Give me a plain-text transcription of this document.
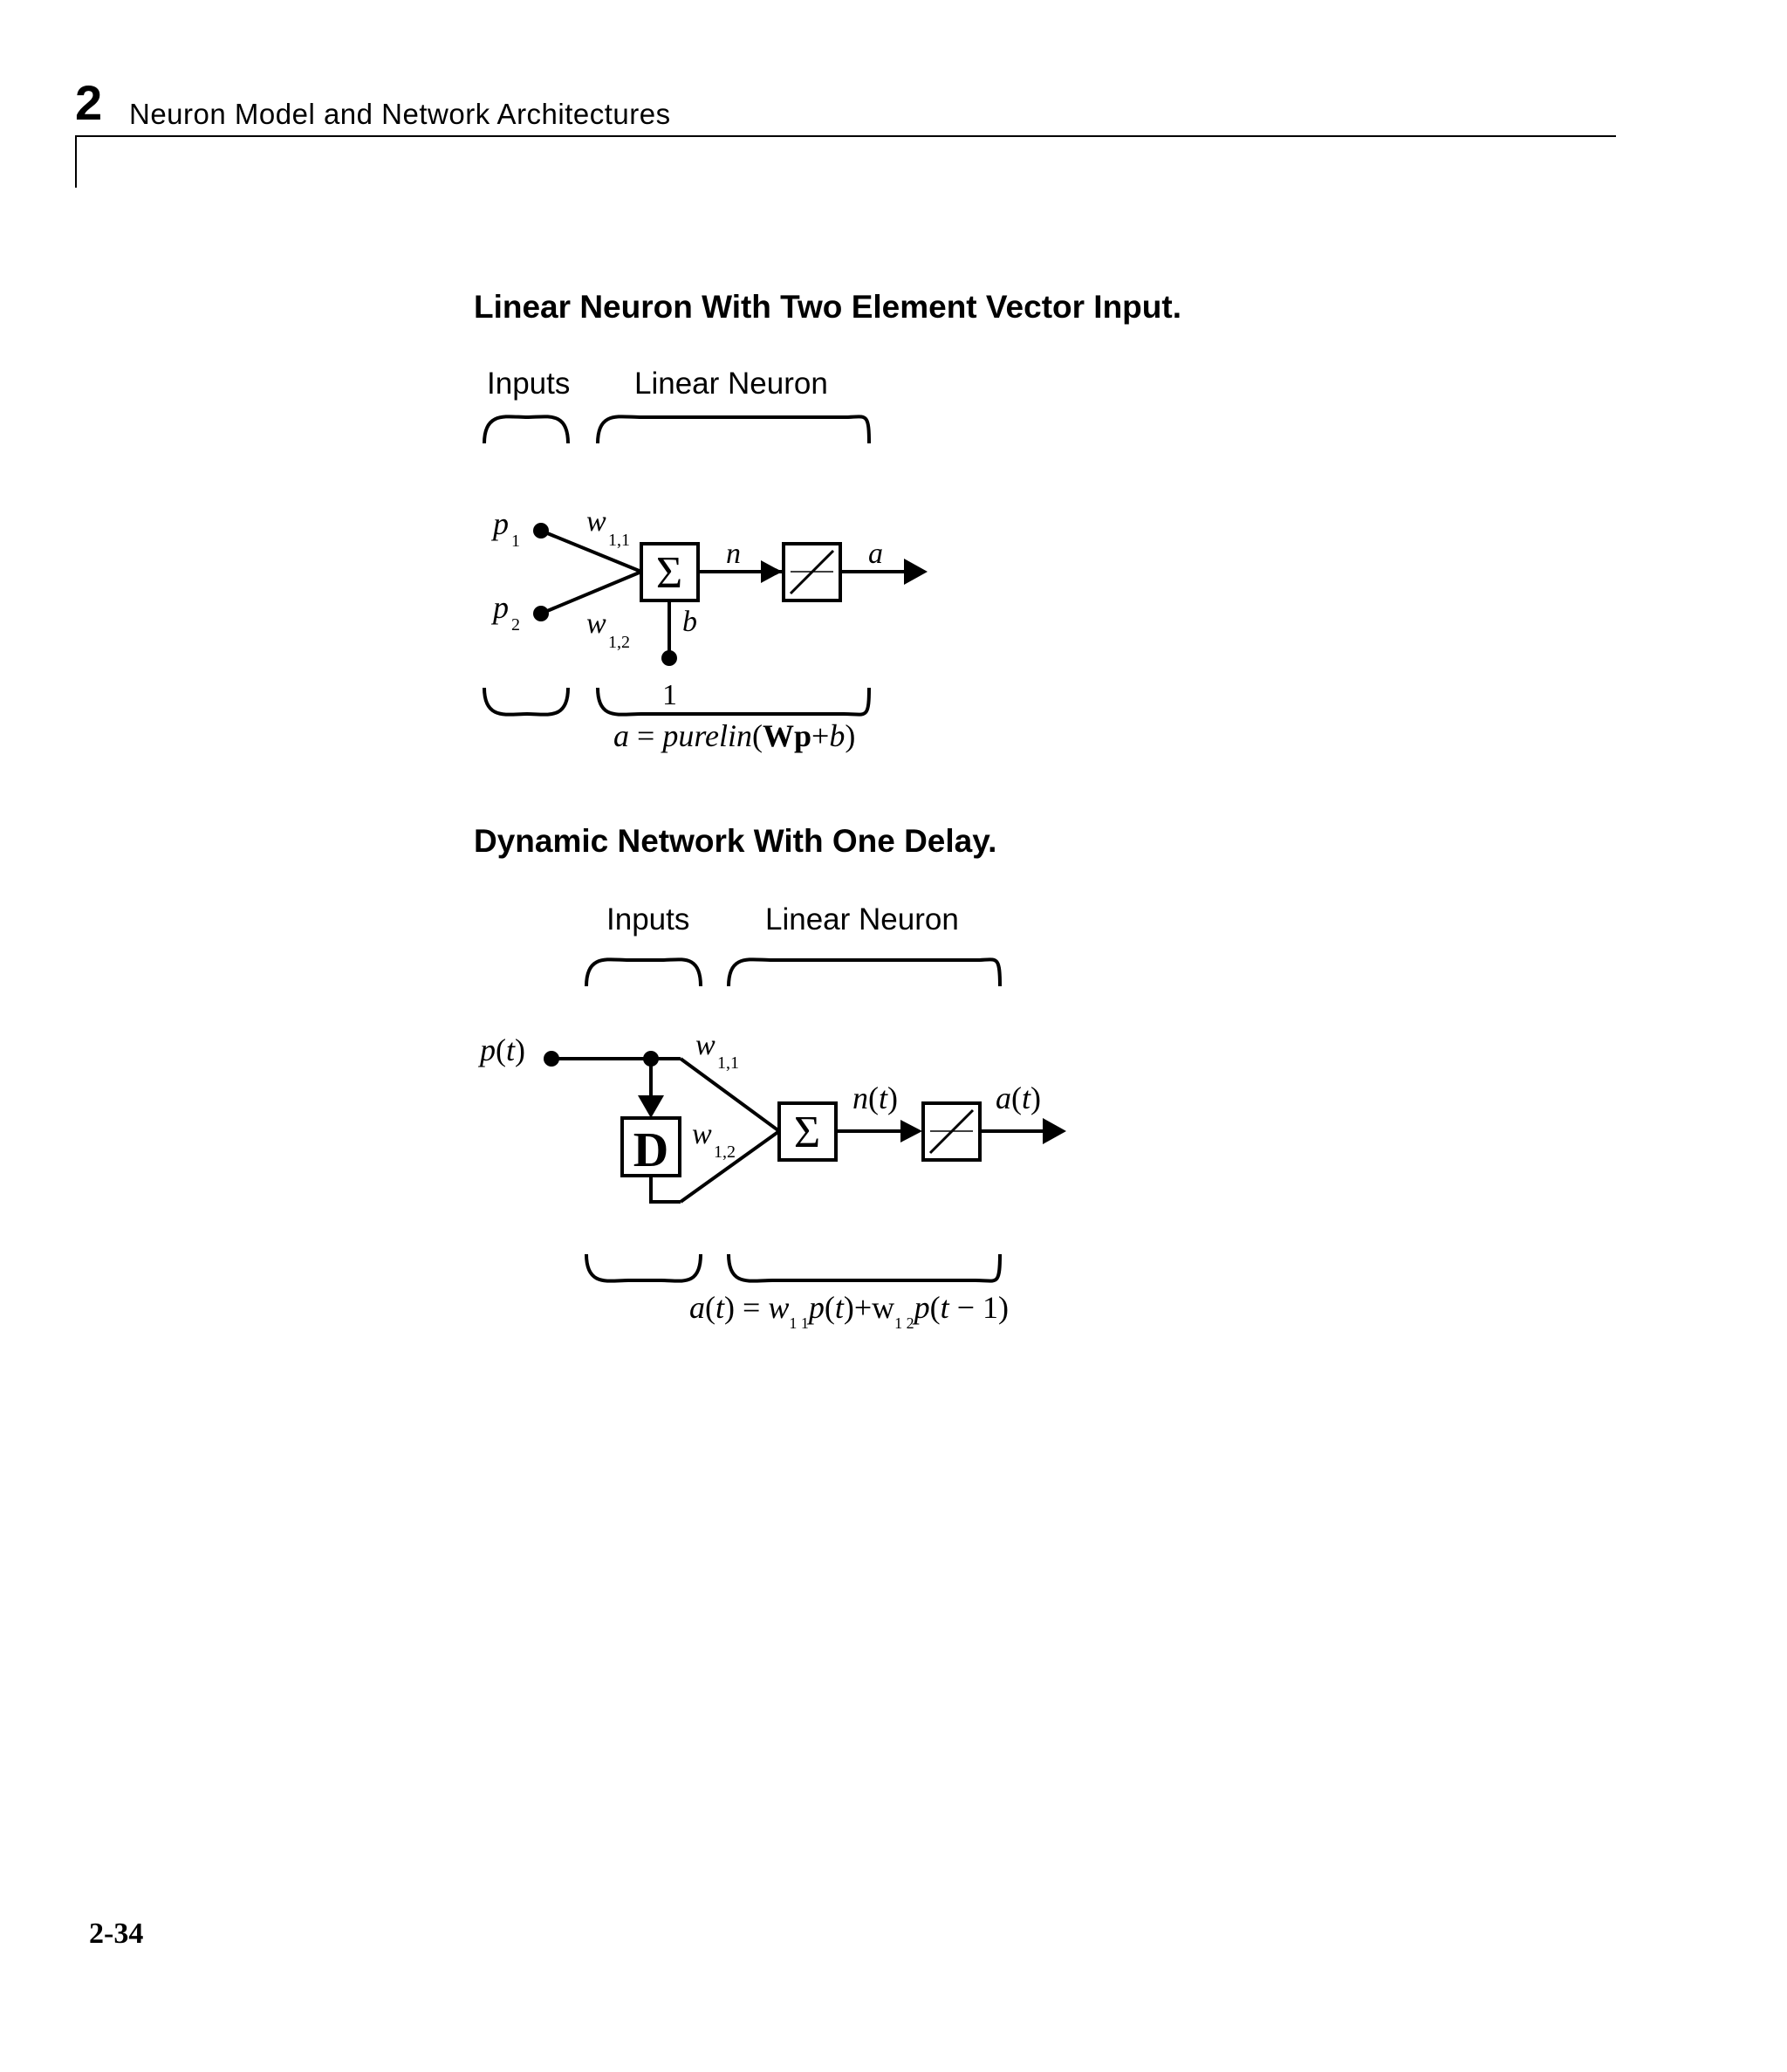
2 Neuron Model and Network Architectures
Linear Neuron With Two Element Vector Input.
Dynamic Network With One Delay.
Inputs Linear Neuron
Σ
p 1
p 2
w
1,1
w
1,2
n	a
b
1
a = purelin(Wp+b)
Inputs Linear Neuron
D	Σ
p(t)	w
1,1
w
1,2
n(t)	a(t)
$a(t) = w_{1 1}p(t)+w_{1 2}p(t - 1)$
2-34
